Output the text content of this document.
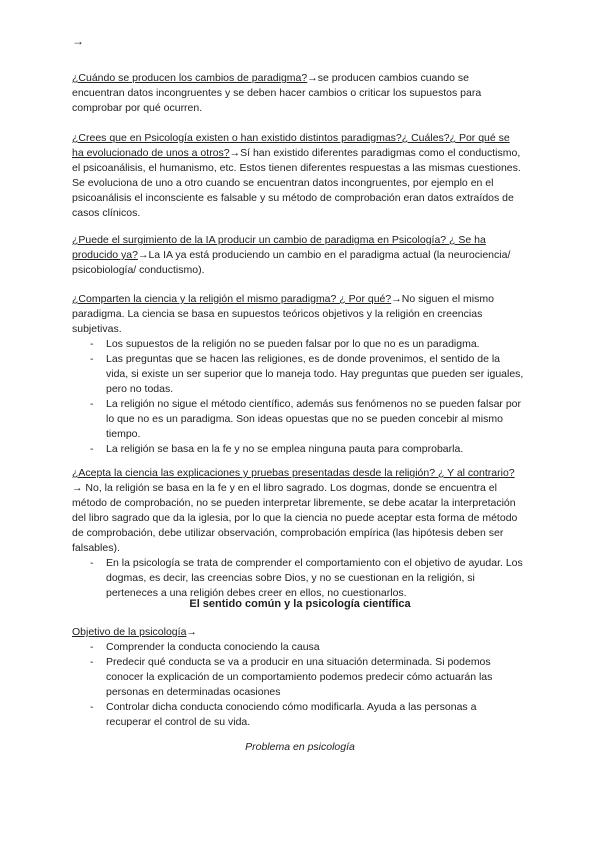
→
¿Cuándo se producen los cambios de paradigma?→se producen cambios cuando se encuentran datos incongruentes y se deben hacer cambios o criticar los supuestos para comprobar por qué ocurren.
¿Crees que en Psicología existen o han existido distintos paradigmas?¿ Cuáles?¿ Por qué se ha evolucionado de unos a otros?→Sí han existido diferentes paradigmas como el conductismo, el psicoanálisis, el humanismo, etc. Estos tienen diferentes respuestas a las mismas cuestiones. Se evoluciona de uno a otro cuando se encuentran datos incongruentes, por ejemplo en el psicoanálisis el inconsciente es falsable y su método de comprobación eran datos extraídos de casos clínicos.
¿Puede el surgimiento de la IA producir un cambio de paradigma en Psicología? ¿ Se ha producido ya?→La IA ya está produciendo un cambio en el paradigma actual (la neurociencia/ psicobiología/ conductismo).
¿Comparten la ciencia y la religión el mismo paradigma? ¿ Por qué?→No siguen el mismo paradigma. La ciencia se basa en supuestos teóricos objetivos y la religión en creencias subjetivas.
- Los supuestos de la religión no se pueden falsar por lo que no es un paradigma.
- Las preguntas que se hacen las religiones, es de donde provenimos, el sentido de la vida, si existe un ser superior que lo maneja todo. Hay preguntas que pueden ser iguales, pero no todas.
- La religión no sigue el método científico, además sus fenómenos no se pueden falsar por lo que no es un paradigma. Son ideas opuestas que no se pueden concebir al mismo tiempo.
- La religión se basa en la fe y no se emplea ninguna pauta para comprobarla.
¿Acepta la ciencia las explicaciones y pruebas presentadas desde la religión? ¿ Y al contrario?→ No, la religión se basa en la fe y en el libro sagrado. Los dogmas, donde se encuentra el método de comprobación, no se pueden interpretar libremente, se debe acatar la interpretación del libro sagrado que da la iglesia, por lo que la ciencia no puede aceptar esta forma de método de comprobación, debe utilizar observación, comprobación empírica (las hipótesis deben ser falsables).
- En la psicología se trata de comprender el comportamiento con el objetivo de ayudar. Los dogmas, es decir, las creencias sobre Dios, y no se cuestionan en la religión, si perteneces a una religión debes creer en ellos, no cuestionarlos.
El sentido común y la psicología científica
Objetivo de la psicología→
- Comprender la conducta conociendo la causa
- Predecir qué conducta se va a producir en una situación determinada. Si podemos conocer la explicación de un comportamiento podemos predecir cómo actuarán las personas en determinadas ocasiones
- Controlar dicha conducta conociendo cómo modificarla. Ayuda a las personas a recuperar el control de su vida.
Problema en psicología
